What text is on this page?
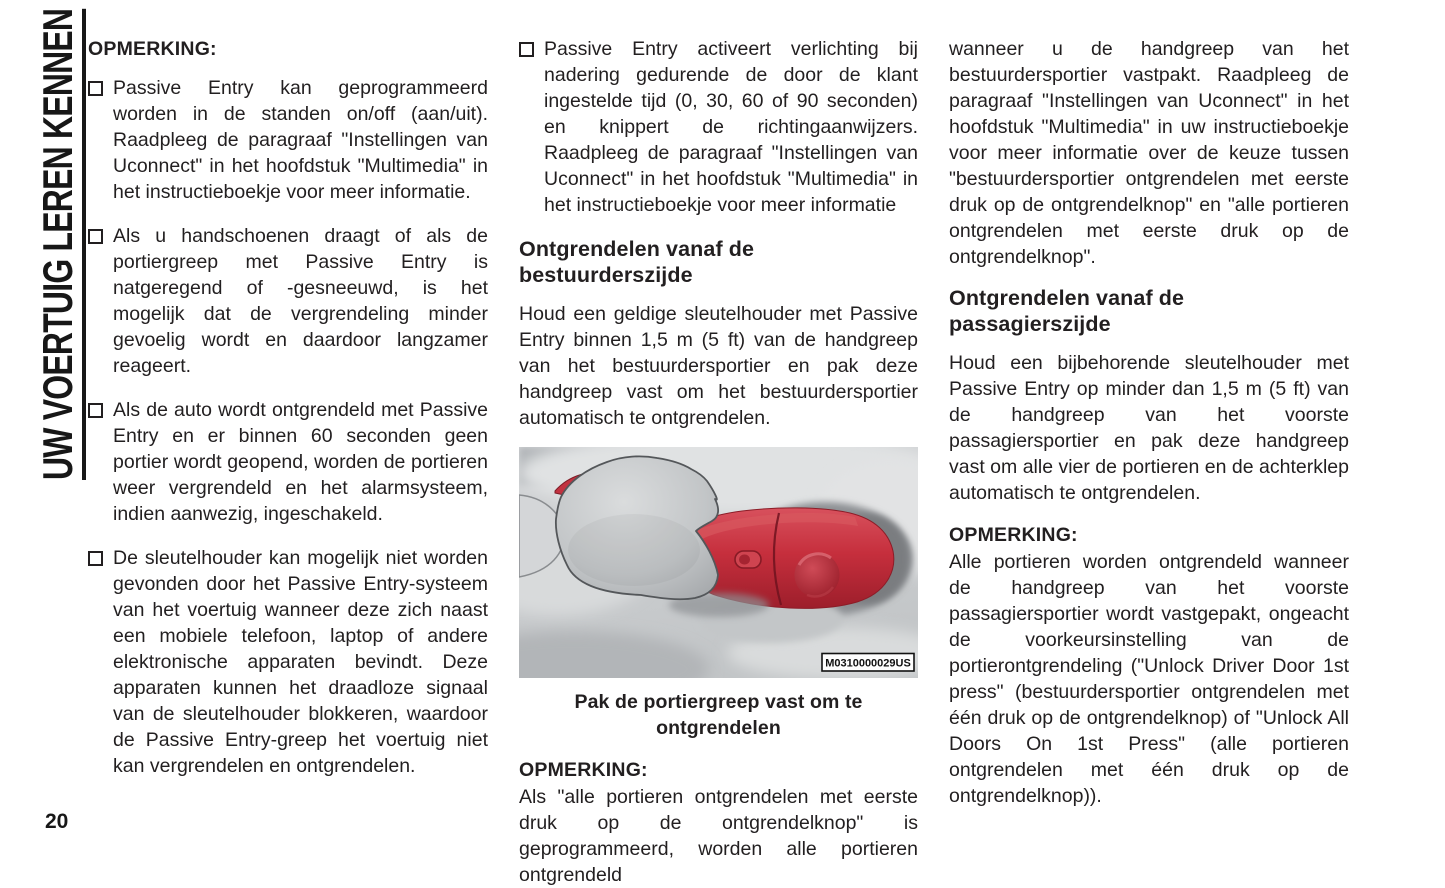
UW VOERTUIG LEREN KENNEN
20
OPMERKING:

Passive Entry kan geprogrammeerd worden in de standen on/off (aan/uit). Raadpleeg de paragraaf "Instellingen van Uconnect" in het hoofdstuk "Multimedia" in het instructieboekje voor meer informatie.

Als u handschoenen draagt of als de portiergreep met Passive Entry is natgeregend of -gesneeuwd, is het mogelijk dat de vergrendeling minder gevoelig wordt en daardoor langzamer reageert.

Als de auto wordt ontgrendeld met Passive Entry en er binnen 60 seconden geen portier wordt geopend, worden de portieren weer vergrendeld en het alarmsysteem, indien aanwezig, ingeschakeld.

De sleutelhouder kan mogelijk niet worden gevonden door het Passive Entry-systeem van het voertuig wanneer deze zich naast een mobiele telefoon, laptop of andere elektronische apparaten bevindt. Deze apparaten kunnen het draadloze signaal van de sleutelhouder blokkeren, waardoor de Passive Entry-greep het voertuig niet kan vergrendelen en ontgrendelen.

Passive Entry activeert verlichting bij nadering gedurende de door de klant ingestelde tijd (0, 30, 60 of 90 seconden) en knippert de richtingaanwijzers. Raadpleeg de paragraaf "Instellingen van Uconnect" in het hoofdstuk "Multimedia" in het instructieboekje voor meer informatie

Ontgrendelen vanaf de bestuurderszijde

Houd een geldige sleutelhouder met Passive Entry binnen 1,5 m (5 ft) van de handgreep van het bestuurdersportier en pak deze handgreep vast om het bestuurdersportier automatisch te ontgrendelen.

M0310000029US
Pak de portiergreep vast om te ontgrendelen
OPMERKING:

Als "alle portieren ontgrendelen met eerste druk op de ontgrendelknop" is geprogrammeerd, worden alle portieren ontgrendeld

wanneer u de handgreep van het bestuurdersportier vastpakt. Raadpleeg de paragraaf "Instellingen van Uconnect" in het hoofdstuk "Multimedia" in uw instructieboekje voor meer informatie over de keuze tussen "bestuurdersportier ontgrendelen met eerste druk op de ontgrendelknop" en "alle portieren ontgrendelen met eerste druk op de ontgrendelknop".

Ontgrendelen vanaf de passagierszijde

Houd een bijbehorende sleutelhouder met Passive Entry op minder dan 1,5 m (5 ft) van de handgreep van het voorste passagiersportier en pak deze handgreep vast om alle vier de portieren en de achterklep automatisch te ontgrendelen.

OPMERKING:

Alle portieren worden ontgrendeld wanneer de handgreep van het voorste passagiersportier wordt vastgepakt, ongeacht de voorkeursinstelling van de portierontgrendeling ("Unlock Driver Door 1st press" (bestuurdersportier ontgrendelen met één druk op de ontgrendelknop) of "Unlock All Doors On 1st Press" (alle portieren ontgrendelen met één druk op de ontgrendelknop)).
